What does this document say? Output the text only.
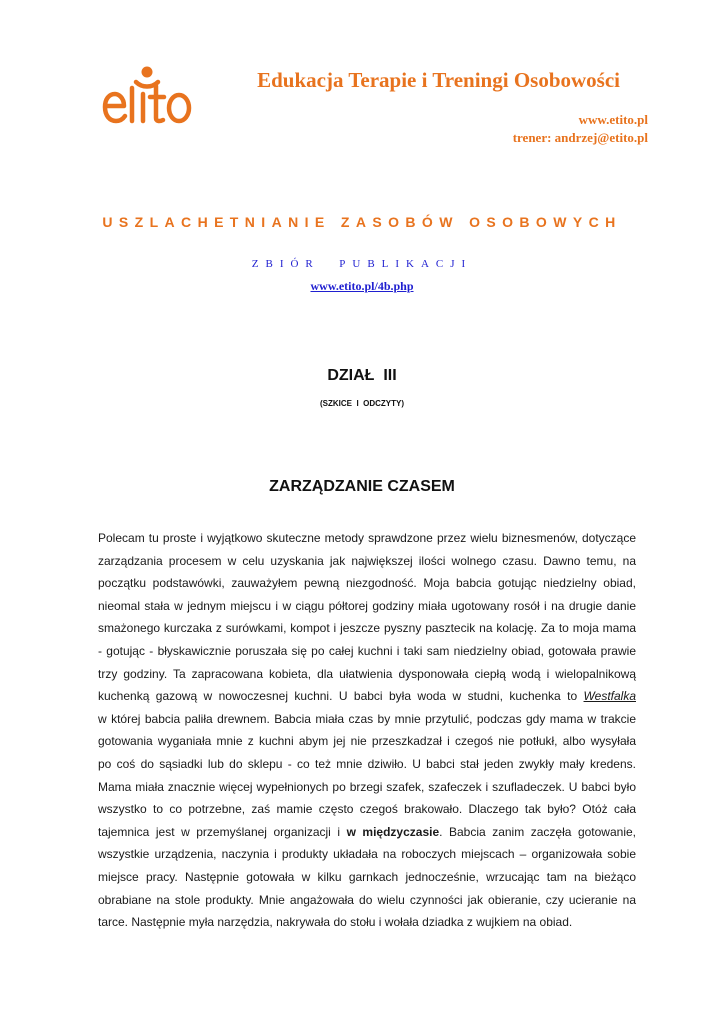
Edukacja Terapie i Treningi Osobowości
www.etito.pl
trener: andrzej@etito.pl
USZLACHETNIANIE ZASOBÓW OSOBOWYCH
ZBIÓR  PUBLIKACJI
www.etito.pl/4b.php
DZIAŁ  III
(SZKICE  I  ODCZYTY)
ZARZĄDZANIE CZASEM
Polecam tu proste i wyjątkowo skuteczne metody sprawdzone przez wielu biznesmenów, dotyczące
zarządzania procesem w celu uzyskania jak największej ilości wolnego czasu. Dawno temu, na
początku podstawówki, zauważyłem pewną niezgodność. Moja babcia gotując niedzielny obiad,
nieomal stała w jednym miejscu i w ciągu półtorej godziny miała ugotowany rosół i na drugie danie
smażonego kurczaka z surówkami, kompot i jeszcze pyszny pasztecik na kolację. Za to moja mama
- gotując - błyskawicznie poruszała się po całej kuchni i taki sam niedzielny obiad, gotowała prawie
trzy godziny. Ta zapracowana kobieta, dla ułatwienia dysponowała ciepłą wodą i wielopalnikową
kuchenką gazową w nowoczesnej kuchni. U babci była woda w studni, kuchenka to Westfalka
w której babcia paliła drewnem. Babcia miała czas by mnie przytulić, podczas gdy mama w trakcie
gotowania wyganiała mnie z kuchni abym jej nie przeszkadzał i czegoś nie potłukł, albo wysyłała
po coś do sąsiadki lub do sklepu - co też mnie dziwiło. U babci stał jeden zwykły mały kredens.
Mama miała znacznie więcej wypełnionych po brzegi szafek, szafeczek i szufladeczek. U babci było
wszystko to co potrzebne, zaś mamie często czegoś brakowało. Dlaczego tak było? Otóż cała
tajemnica jest w przemyślanej organizacji i w międzyczasie. Babcia zanim zaczęła gotowanie,
wszystkie urządzenia, naczynia i produkty układała na roboczych miejscach – organizowała sobie
miejsce pracy. Następnie gotowała w kilku garnkach jednocześnie, wrzucając tam na bieżąco
obrabiane na stole produkty. Mnie angażowała do wielu czynności jak obieranie, czy ucieranie na
tarce. Następnie myła narzędzia, nakrywała do stołu i wołała dziadka z wujkiem na obiad.
